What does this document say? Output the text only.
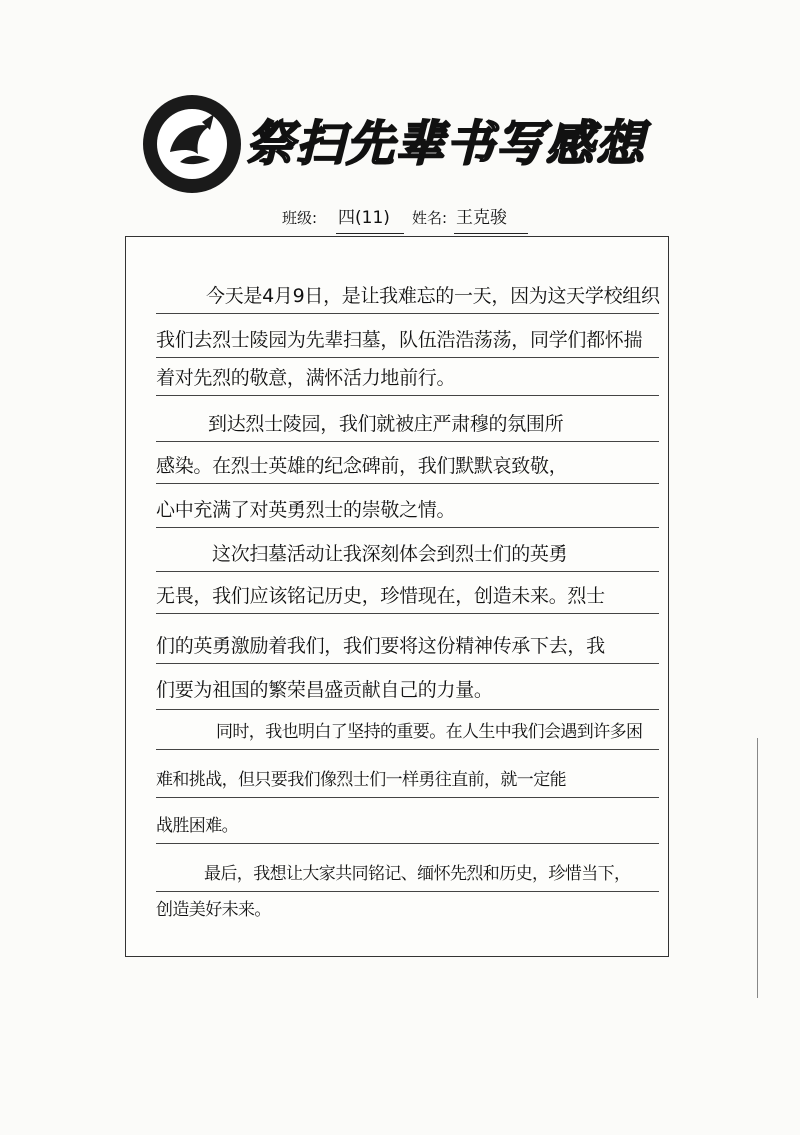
祭扫先辈书写感想
班级: 四(11)	姓名: 王克骏
今天是4月9日，是让我难忘的一天，因为这天学校组织
我们去烈士陵园为先辈扫墓，队伍浩浩荡荡，同学们都怀揣
着对先烈的敬意，满怀活力地前行。
到达烈士陵园，我们就被庄严肃穆的氛围所
感染。在烈士英雄的纪念碑前，我们默默哀致敬，
心中充满了对英勇烈士的崇敬之情。
这次扫墓活动让我深刻体会到烈士们的英勇
无畏，我们应该铭记历史，珍惜现在，创造未来。烈士
们的英勇激励着我们，我们要将这份精神传承下去，我
们要为祖国的繁荣昌盛贡献自己的力量。
同时，我也明白了坚持的重要。在人生中我们会遇到许多困
难和挑战，但只要我们像烈士们一样勇往直前，就一定能
战胜困难。
最后，我想让大家共同铭记、缅怀先烈和历史，珍惜当下，
创造美好未来。
